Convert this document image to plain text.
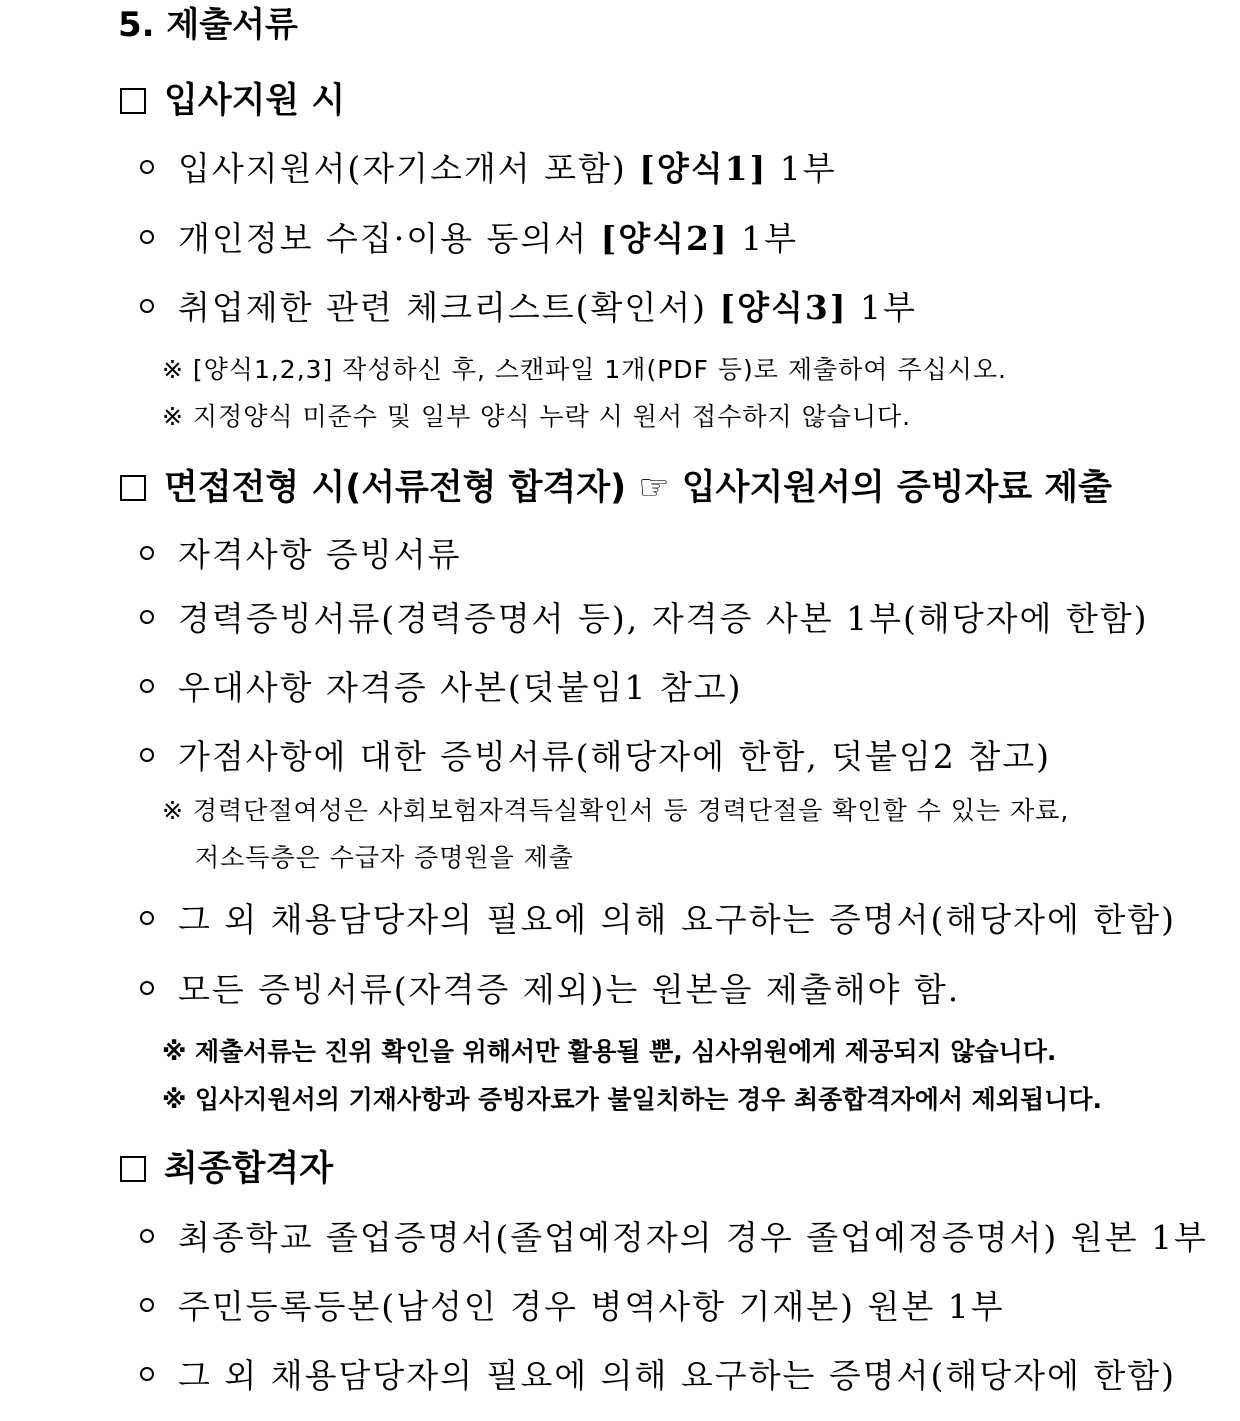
5. 제출서류
입사지원 시
입사지원서(자기소개서 포함) [양식1] 1부
개인정보 수집·이용 동의서 [양식2] 1부
취업제한 관련 체크리스트(확인서) [양식3] 1부
※ [양식1,2,3] 작성하신 후, 스캔파일 1개(PDF 등)로 제출하여 주십시오.
※ 지정양식 미준수 및 일부 양식 누락 시 원서 접수하지 않습니다.
면접전형 시(서류전형 합격자) ☞ 입사지원서의 증빙자료 제출
자격사항 증빙서류
경력증빙서류(경력증명서 등), 자격증 사본 1부(해당자에 한함)
우대사항 자격증 사본(덧붙임1 참고)
가점사항에 대한 증빙서류(해당자에 한함, 덧붙임2 참고)
※ 경력단절여성은 사회보험자격득실확인서 등 경력단절을 확인할 수 있는 자료,
저소득층은 수급자 증명원을 제출
그 외 채용담당자의 필요에 의해 요구하는 증명서(해당자에 한함)
모든 증빙서류(자격증 제외)는 원본을 제출해야 함.
※ 제출서류는 진위 확인을 위해서만 활용될 뿐, 심사위원에게 제공되지 않습니다.
※ 입사지원서의 기재사항과 증빙자료가 불일치하는 경우 최종합격자에서 제외됩니다.
최종합격자
최종학교 졸업증명서(졸업예정자의 경우 졸업예정증명서) 원본 1부
주민등록등본(남성인 경우 병역사항 기재본) 원본 1부
그 외 채용담당자의 필요에 의해 요구하는 증명서(해당자에 한함)
